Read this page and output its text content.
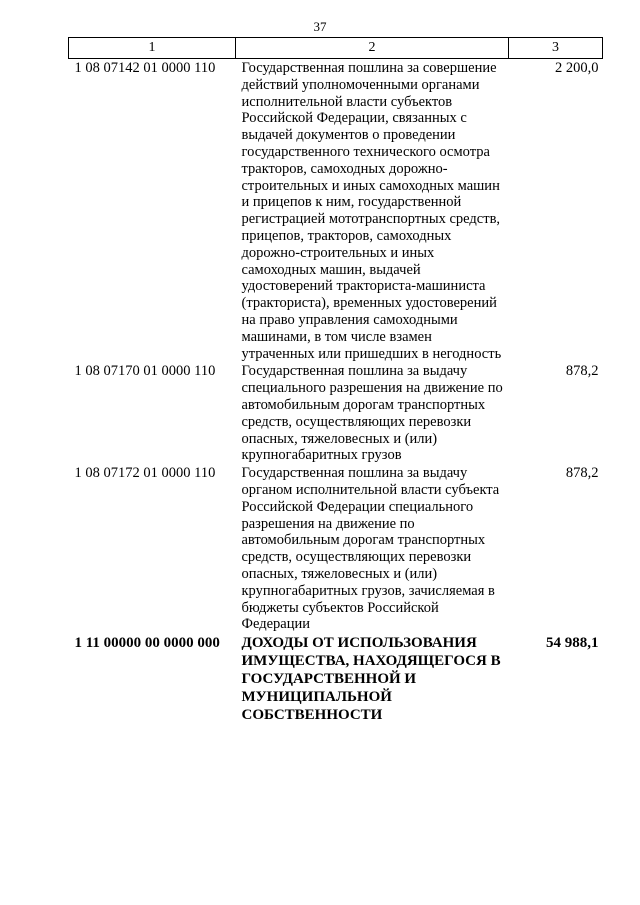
37
1	2	3
1 08 07142 01 0000 110	Государственная пошлина за совершение действий уполномоченными органами исполнительной власти субъектов Российской Федерации, связанных с выдачей документов о проведении государственного технического осмотра тракторов, самоходных дорожно-строительных и иных самоходных машин и прицепов к ним, государственной регистрацией мототранспортных средств, прицепов, тракторов, самоходных дорожно-строительных и иных самоходных машин, выдачей удостоверений тракториста-машиниста (тракториста), временных удостоверений на право управления самоходными машинами, в том числе взамен утраченных или пришедших в негодность	2 200,0
1 08 07170 01 0000 110	Государственная пошлина за выдачу специального разрешения на движение по автомобильным дорогам транспортных средств, осуществляющих перевозки опасных, тяжеловесных и (или) крупногабаритных грузов	878,2
1 08 07172 01 0000 110	Государственная пошлина за выдачу органом исполнительной власти субъекта Российской Федерации специального разрешения на движение по автомобильным дорогам транспортных средств, осуществляющих перевозки опасных, тяжеловесных и (или) крупногабаритных грузов, зачисляемая в бюджеты субъектов Российской Федерации	878,2
1 11 00000 00 0000 000	ДОХОДЫ ОТ ИСПОЛЬЗОВАНИЯ ИМУЩЕСТВА, НАХОДЯЩЕГОСЯ В ГОСУДАРСТВЕННОЙ И МУНИЦИПАЛЬНОЙ СОБСТВЕННОСТИ	54 988,1
